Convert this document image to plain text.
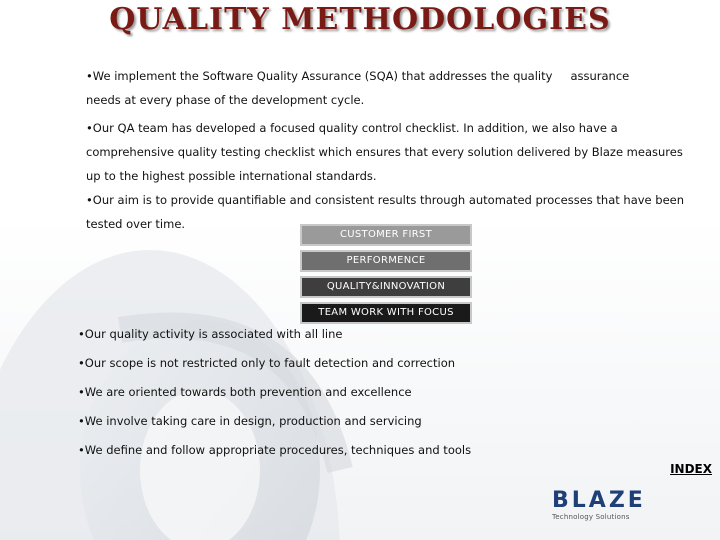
QUALITY METHODOLOGIES
•We implement the Software Quality Assurance (SQA) that addresses the quality assurance
needs at every phase of the development cycle.
•Our QA team has developed a focused quality control checklist. In addition, we also have a comprehensive quality testing checklist which ensures that every solution delivered by Blaze measures up to the highest possible international standards.
•Our aim is to provide quantifiable and consistent results through automated processes that have been tested over time.
CUSTOMER FIRST
PERFORMENCE
QUALITY&INNOVATION
TEAM WORK WITH FOCUS
•Our quality activity is associated with all line
•Our scope is not restricted only to fault detection and correction
•We are oriented towards both prevention and excellence
•We involve taking care in design, production and servicing
•We define and follow appropriate procedures, techniques and tools
INDEX
BLAZE
Technology Solutions
